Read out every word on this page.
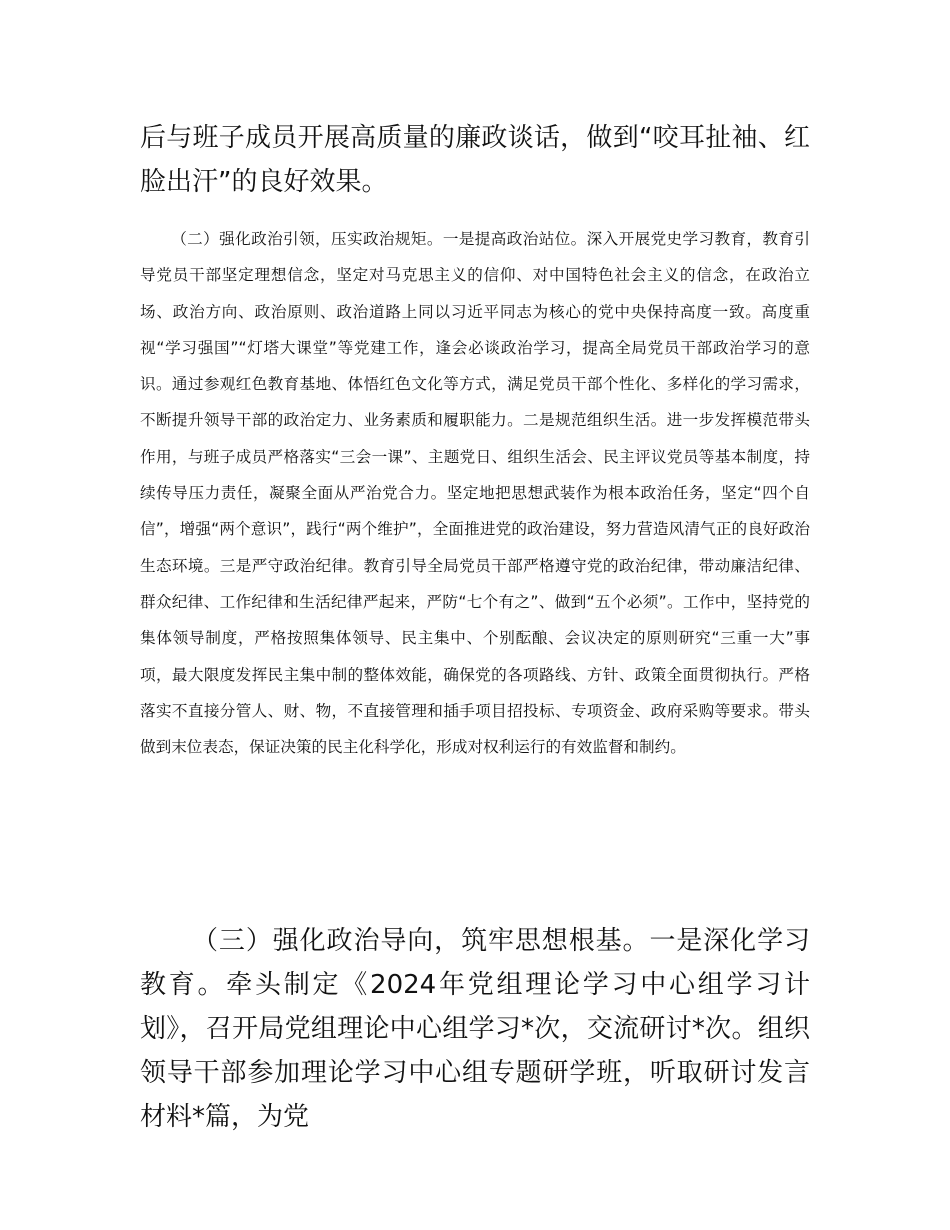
后与班子成员开展高质量的廉政谈话，做到“咬耳扯袖、红脸出汗”的良好效果。

（二）强化政治引领，压实政治规矩。一是提高政治站位。深入开展党史学习教育，教育引导党员干部坚定理想信念，坚定对马克思主义的信仰、对中国特色社会主义的信念，在政治立场、政治方向、政治原则、政治道路上同以习近平同志为核心的党中央保持高度一致。高度重视“学习强国”“灯塔大课堂”等党建工作，逢会必谈政治学习，提高全局党员干部政治学习的意识。通过参观红色教育基地、体悟红色文化等方式，满足党员干部个性化、多样化的学习需求，不断提升领导干部的政治定力、业务素质和履职能力。二是规范组织生活。进一步发挥模范带头作用，与班子成员严格落实“三会一课”、主题党日、组织生活会、民主评议党员等基本制度，持续传导压力责任，凝聚全面从严治党合力。坚定地把思想武装作为根本政治任务，坚定“四个自信”，增强“两个意识”，践行“两个维护”，全面推进党的政治建设，努力营造风清气正的良好政治生态环境。三是严守政治纪律。教育引导全局党员干部严格遵守党的政治纪律，带动廉洁纪律、群众纪律、工作纪律和生活纪律严起来，严防“七个有之”、做到“五个必须”。工作中，坚持党的集体领导制度，严格按照集体领导、民主集中、个别酝酿、会议决定的原则研究“三重一大”事项，最大限度发挥民主集中制的整体效能，确保党的各项路线、方针、政策全面贯彻执行。严格落实不直接分管人、财、物，不直接管理和插手项目招投标、专项资金、政府采购等要求。带头做到末位表态，保证决策的民主化科学化，形成对权利运行的有效监督和制约。

（三）强化政治导向，筑牢思想根基。一是深化学习教育。牵头制定《2024年党组理论学习中心组学习计划》，召开局党组理论中心组学习*次，交流研讨*次。组织领导干部参加理论学习中心组专题研学班，听取研讨发言材料*篇，为党
